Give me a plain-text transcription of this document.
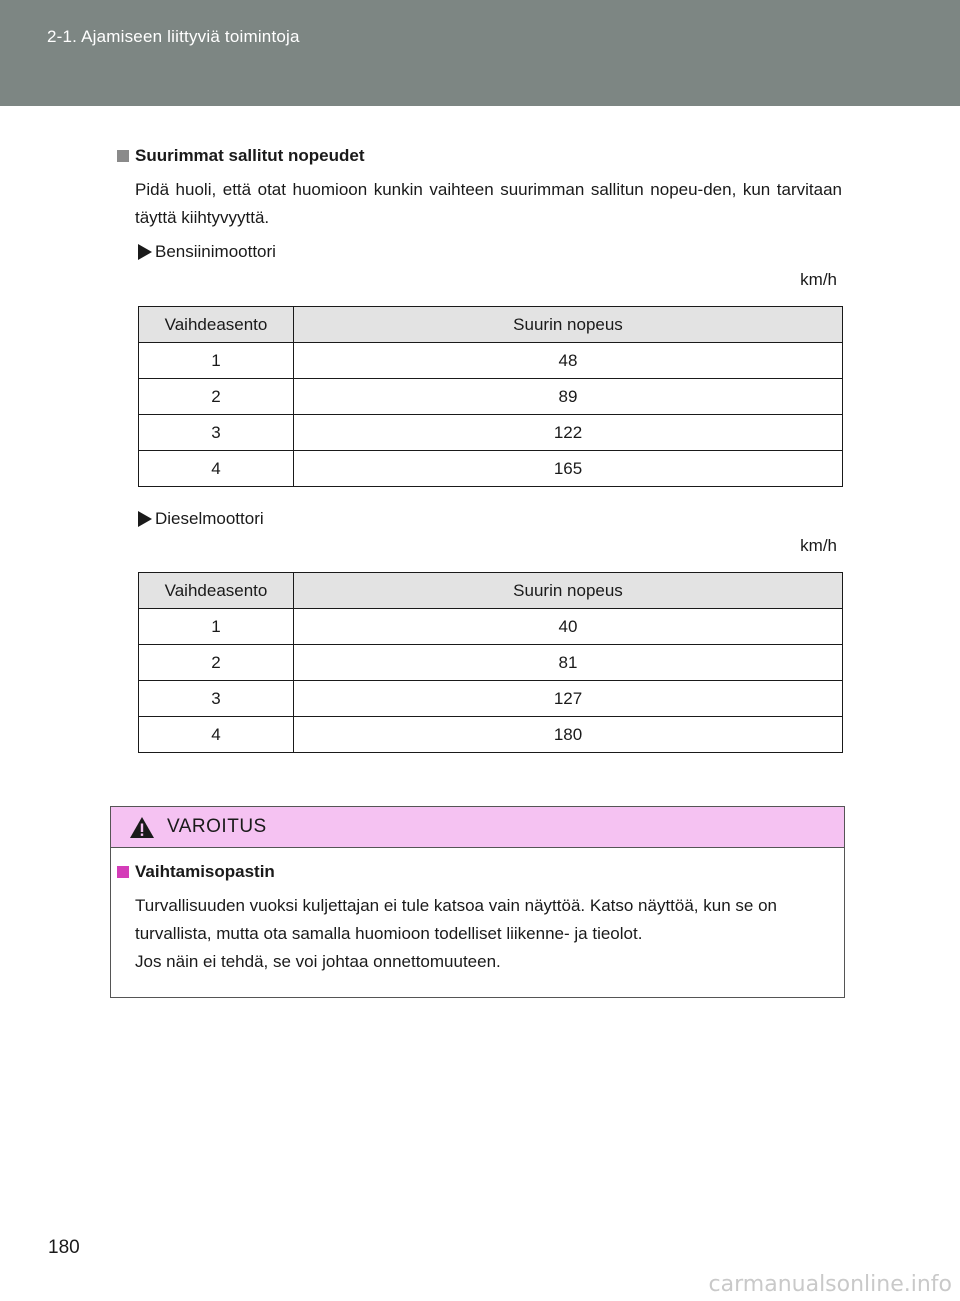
2-1. Ajamiseen liittyviä toimintoja
Suurimmat sallitut nopeudet
Pidä huoli, että otat huomioon kunkin vaihteen suurimman sallitun nopeu-den, kun tarvitaan täyttä kiihtyvyyttä.
Bensiinimoottori
km/h
Vaihdeasento	Suurin nopeus
1	48
2	89
3	122
4	165
Dieselmoottori
km/h
Vaihdeasento	Suurin nopeus
1	40
2	81
3	127
4	180
VAROITUS
Vaihtamisopastin
Turvallisuuden vuoksi kuljettajan ei tule katsoa vain näyttöä. Katso näyttöä, kun se on turvallista, mutta ota samalla huomioon todelliset liikenne- ja tieolot.
Jos näin ei tehdä, se voi johtaa onnettomuuteen.
180
carmanualsonline.info
